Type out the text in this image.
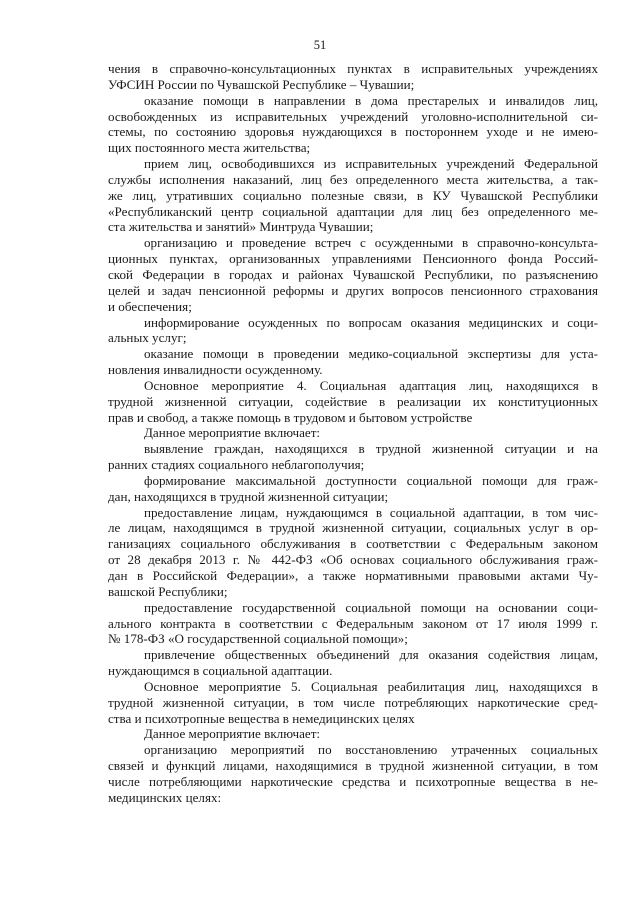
51
чения в справочно-консультационных пунктах в исправительных учреждениях
УФСИН России по Чувашской Республике – Чувашии;
оказание помощи в направлении в дома престарелых и инвалидов лиц,
освобожденных из исправительных учреждений уголовно-исполнительной си-
стемы, по состоянию здоровья нуждающихся в постороннем уходе и не имею-
щих постоянного места жительства;
прием лиц, освободившихся из исправительных учреждений Федеральной
службы исполнения наказаний, лиц без определенного места жительства, а так-
же лиц, утративших социально полезные связи, в КУ Чувашской Республики
«Республиканский центр социальной адаптации для лиц без определенного ме-
ста жительства и занятий» Минтруда Чувашии;
организацию и проведение встреч с осужденными в справочно-консульта-
ционных пунктах, организованных управлениями Пенсионного фонда Россий-
ской Федерации в городах и районах Чувашской Республики, по разъяснению
целей и задач пенсионной реформы и других вопросов пенсионного страхования
и обеспечения;
информирование осужденных по вопросам оказания медицинских и соци-
альных услуг;
оказание помощи в проведении медико-социальной экспертизы для уста-
новления инвалидности осужденному.
Основное мероприятие 4. Социальная адаптация лиц, находящихся в
трудной жизненной ситуации, содействие в реализации их конституционных
прав и свобод, а также помощь в трудовом и бытовом устройстве
Данное мероприятие включает:
выявление граждан, находящихся в трудной жизненной ситуации и на
ранних стадиях социального неблагополучия;
формирование максимальной доступности социальной помощи для граж-
дан, находящихся в трудной жизненной ситуации;
предоставление лицам, нуждающимся в социальной адаптации, в том чис-
ле лицам, находящимся в трудной жизненной ситуации, социальных услуг в ор-
ганизациях социального обслуживания в соответствии с Федеральным законом
от 28 декабря 2013 г. № 442-ФЗ «Об основах социального обслуживания граж-
дан в Российской Федерации», а также нормативными правовыми актами Чу-
вашской Республики;
предоставление государственной социальной помощи на основании соци-
ального контракта в соответствии с Федеральным законом от 17 июля 1999 г.
№ 178-ФЗ «О государственной социальной помощи»;
привлечение общественных объединений для оказания содействия лицам,
нуждающимся в социальной адаптации.
Основное мероприятие 5. Социальная реабилитация лиц, находящихся в
трудной жизненной ситуации, в том числе потребляющих наркотические сред-
ства и психотропные вещества в немедицинских целях
Данное мероприятие включает:
организацию мероприятий по восстановлению утраченных социальных
связей и функций лицами, находящимися в трудной жизненной ситуации, в том
числе потребляющими наркотические средства и психотропные вещества в не-
медицинских целях:
